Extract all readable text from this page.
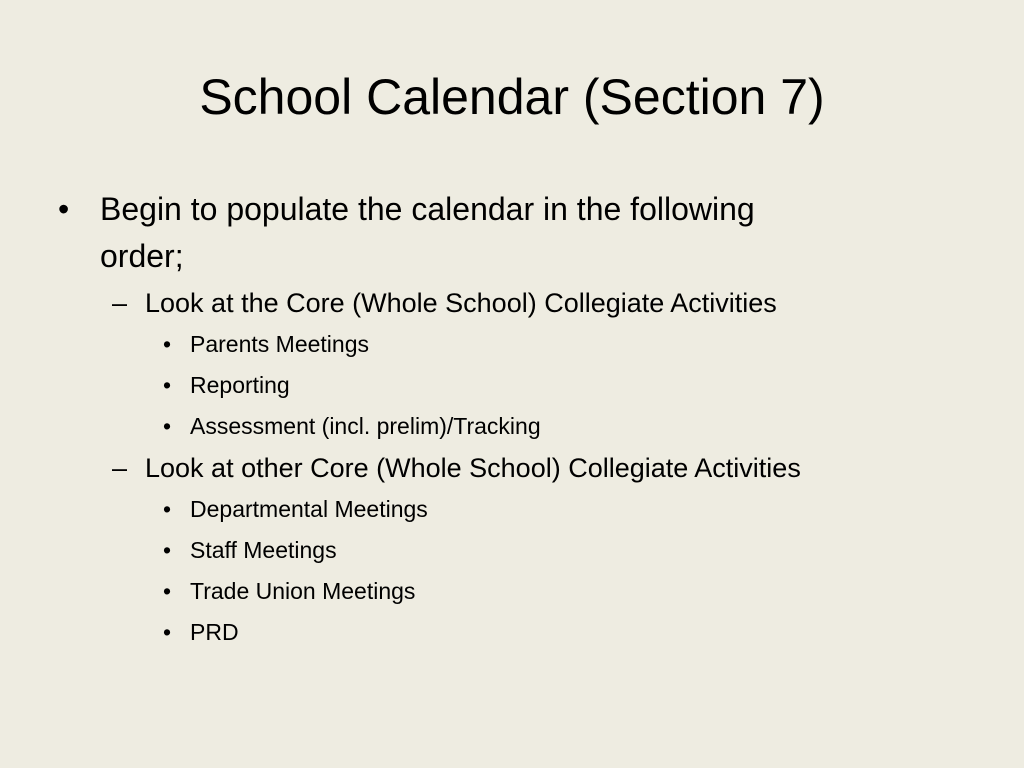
School Calendar (Section 7)
• Begin to populate the calendar in the following
order;
– Look at the Core (Whole School) Collegiate Activities
• Parents Meetings
• Reporting
• Assessment (incl. prelim)/Tracking
– Look at other Core (Whole School) Collegiate Activities
• Departmental Meetings
• Staff Meetings
• Trade Union Meetings
• PRD
